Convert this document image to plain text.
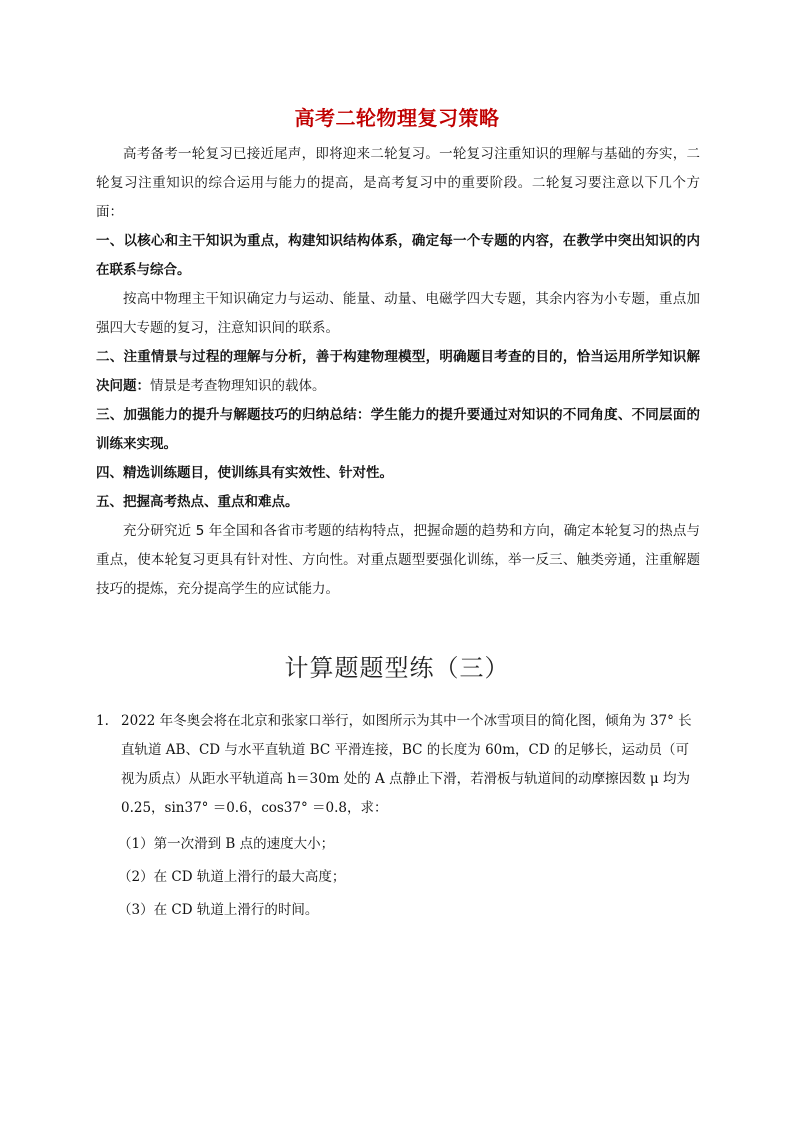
高考二轮物理复习策略

高考备考一轮复习已接近尾声，即将迎来二轮复习。一轮复习注重知识的理解与基础的夯实，二轮复习注重知识的综合运用与能力的提高，是高考复习中的重要阶段。二轮复习要注意以下几个方面：

一、以核心和主干知识为重点，构建知识结构体系，确定每一个专题的内容，在教学中突出知识的内在联系与综合。

按高中物理主干知识确定力与运动、能量、动量、电磁学四大专题，其余内容为小专题，重点加强四大专题的复习，注意知识间的联系。

二、注重情景与过程的理解与分析，善于构建物理模型，明确题目考查的目的，恰当运用所学知识解决问题：情景是考查物理知识的载体。

三、加强能力的提升与解题技巧的归纳总结：学生能力的提升要通过对知识的不同角度、不同层面的训练来实现。

四、精选训练题目，使训练具有实效性、针对性。

五、把握高考热点、重点和难点。

充分研究近 5 年全国和各省市考题的结构特点，把握命题的趋势和方向，确定本轮复习的热点与重点，使本轮复习更具有针对性、方向性。对重点题型要强化训练，举一反三、触类旁通，注重解题技巧的提炼，充分提高学生的应试能力。

计算题题型练（三）
1. 2022 年冬奥会将在北京和张家口举行，如图所示为其中一个冰雪项目的简化图，倾角为 37° 长直轨道 AB、CD 与水平直轨道 BC 平滑连接，BC 的长度为 60m，CD 的足够长，运动员（可视为质点）从距水平轨道高 h＝30m 处的 A 点静止下滑，若滑板与轨道间的动摩擦因数 μ 均为 0.25，sin37° ＝0.6，cos37° ＝0.8，求：
（1）第一次滑到 B 点的速度大小；
（2）在 CD 轨道上滑行的最大高度；
（3）在 CD 轨道上滑行的时间。
